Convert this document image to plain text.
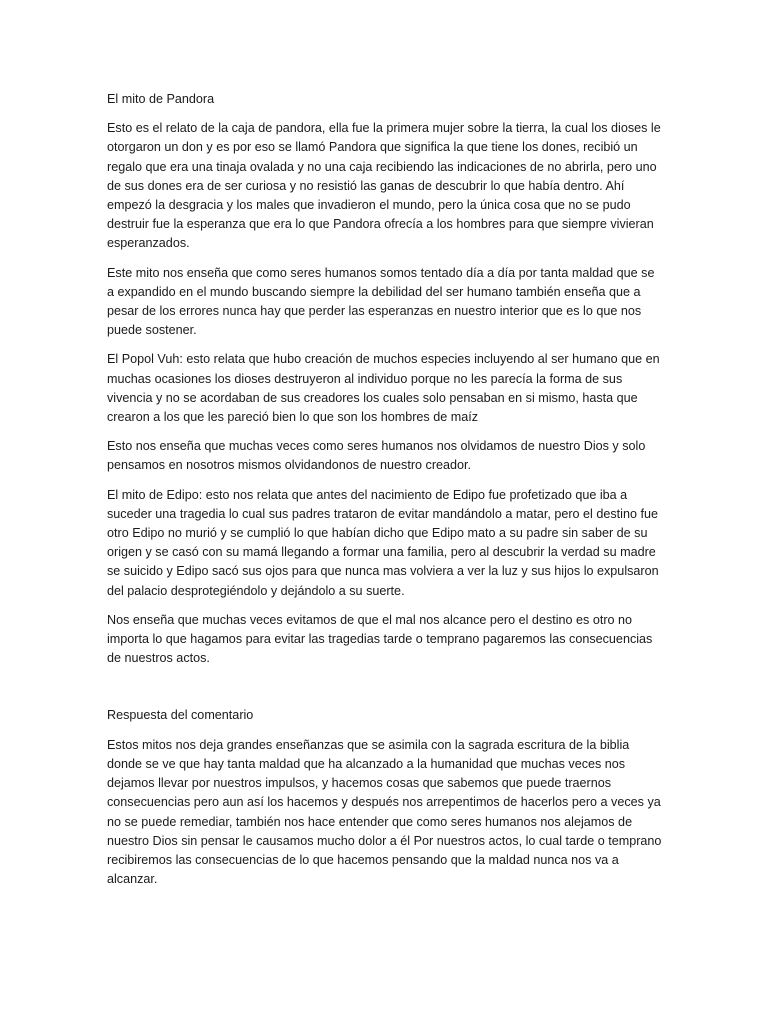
El mito de Pandora

Esto es el relato de la caja de pandora, ella fue la primera mujer sobre la tierra, la cual los dioses le otorgaron un don y es por eso se llamó Pandora que significa la que tiene los dones, recibió un regalo que era una tinaja ovalada y no una caja recibiendo las indicaciones de no abrirla, pero uno de sus dones era de ser curiosa y no resistió las ganas de descubrir lo que había dentro. Ahí empezó la desgracia y los males que invadieron el mundo, pero la única cosa que no se pudo destruir fue la esperanza que era lo que Pandora ofrecía a los hombres para que siempre vivieran esperanzados.

Este mito nos enseña que como seres humanos somos tentado día a día por tanta maldad que se a expandido en el mundo buscando siempre la debilidad del ser humano también enseña que a pesar de los errores nunca hay que perder las esperanzas en nuestro interior que es lo que nos puede sostener.

El Popol Vuh: esto relata que hubo creación de muchos especies incluyendo al ser humano que en muchas ocasiones los dioses destruyeron al individuo porque no les parecía la forma de sus vivencia y no se acordaban de sus creadores los cuales solo pensaban en si mismo, hasta que crearon a los que les pareció bien lo que son los hombres de maíz

Esto nos enseña que muchas veces como seres humanos nos olvidamos de nuestro Dios y solo pensamos en nosotros mismos olvidandonos de nuestro creador.

El mito de Edipo: esto nos relata que antes del nacimiento de Edipo fue profetizado que iba a suceder una tragedia lo cual sus padres trataron de evitar mandándolo a matar, pero el destino fue otro Edipo no murió y se cumplió lo que habían dicho que Edipo mato a su padre sin saber de su origen y se casó con su mamá llegando a formar una familia, pero al descubrir la verdad su madre se suicido y Edipo sacó sus ojos para que nunca mas volviera a ver la luz y sus hijos lo expulsaron del palacio desprotegiéndolo y dejándolo a su suerte.

Nos enseña que muchas veces evitamos de que el mal nos alcance pero el destino es otro no importa lo que hagamos para evitar las tragedias tarde o temprano pagaremos las consecuencias de nuestros actos.

Respuesta del comentario

Estos mitos nos deja grandes enseñanzas que se asimila con la sagrada escritura de la biblia donde se ve que hay tanta maldad que ha alcanzado a la humanidad que muchas veces nos dejamos llevar por nuestros impulsos, y hacemos cosas que sabemos que puede traernos consecuencias pero aun así los hacemos y después nos arrepentimos de hacerlos pero a veces ya no se puede remediar, también nos hace entender que como seres humanos nos alejamos de nuestro Dios sin pensar le causamos mucho dolor a él Por nuestros actos, lo cual tarde o temprano recibiremos las consecuencias de lo que hacemos pensando que la maldad nunca nos va a alcanzar.
